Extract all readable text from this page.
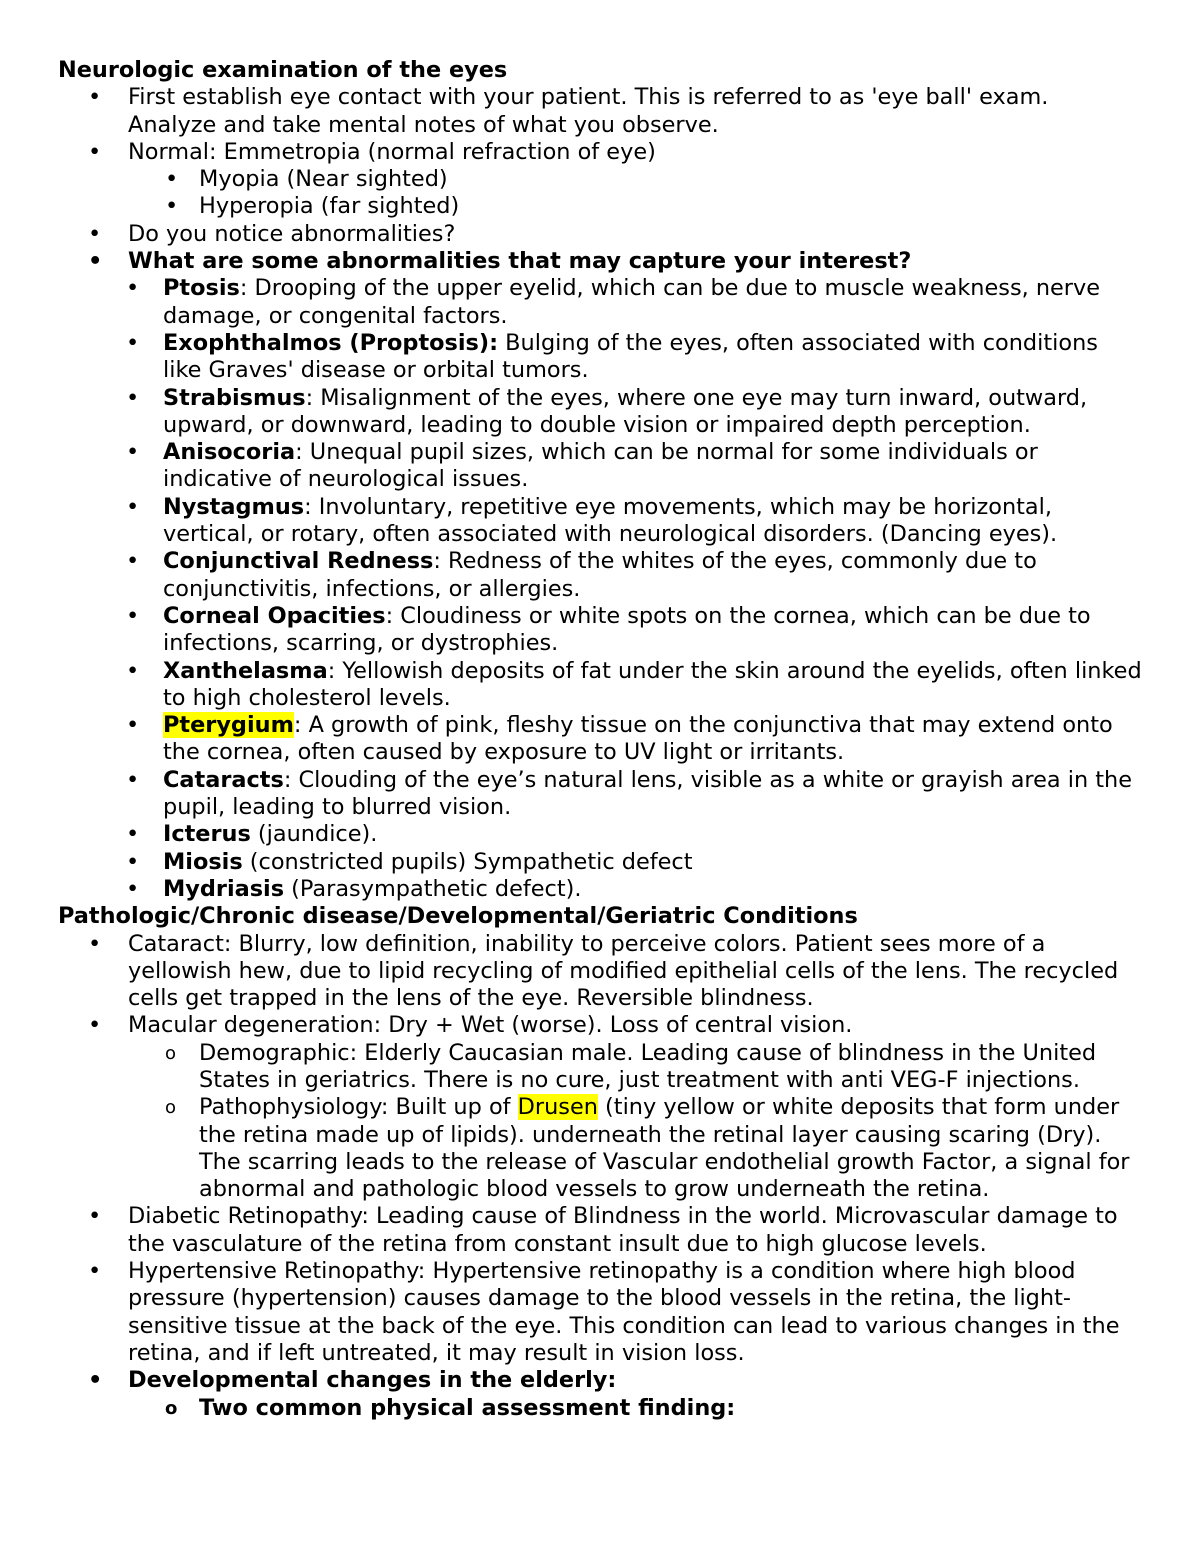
Neurologic examination of the eyes
• First establish eye contact with your patient. This is referred to as 'eye ball' exam. Analyze and take mental notes of what you observe.
• Normal: Emmetropia (normal refraction of eye)
• Myopia (Near sighted)
• Hyperopia (far sighted)
• Do you notice abnormalities?
• What are some abnormalities that may capture your interest?
• Ptosis: Drooping of the upper eyelid, which can be due to muscle weakness, nerve damage, or congenital factors.
• Exophthalmos (Proptosis): Bulging of the eyes, often associated with conditions like Graves' disease or orbital tumors.
• Strabismus: Misalignment of the eyes, where one eye may turn inward, outward, upward, or downward, leading to double vision or impaired depth perception.
• Anisocoria: Unequal pupil sizes, which can be normal for some individuals or indicative of neurological issues.
• Nystagmus: Involuntary, repetitive eye movements, which may be horizontal, vertical, or rotary, often associated with neurological disorders. (Dancing eyes).
• Conjunctival Redness: Redness of the whites of the eyes, commonly due to conjunctivitis, infections, or allergies.
• Corneal Opacities: Cloudiness or white spots on the cornea, which can be due to infections, scarring, or dystrophies.
• Xanthelasma: Yellowish deposits of fat under the skin around the eyelids, often linked to high cholesterol levels.
• Pterygium: A growth of pink, fleshy tissue on the conjunctiva that may extend onto the cornea, often caused by exposure to UV light or irritants.
• Cataracts: Clouding of the eye’s natural lens, visible as a white or grayish area in the pupil, leading to blurred vision.
• Icterus (jaundice).
• Miosis (constricted pupils) Sympathetic defect
• Mydriasis (Parasympathetic defect).
Pathologic/Chronic disease/Developmental/Geriatric Conditions
• Cataract: Blurry, low definition, inability to perceive colors. Patient sees more of a yellowish hew, due to lipid recycling of modified epithelial cells of the lens. The recycled cells get trapped in the lens of the eye. Reversible blindness.
• Macular degeneration: Dry + Wet (worse). Loss of central vision.
o Demographic: Elderly Caucasian male. Leading cause of blindness in the United States in geriatrics. There is no cure, just treatment with anti VEG-F injections.
o Pathophysiology: Built up of Drusen (tiny yellow or white deposits that form under the retina made up of lipids). underneath the retinal layer causing scaring (Dry). The scarring leads to the release of Vascular endothelial growth Factor, a signal for abnormal and pathologic blood vessels to grow underneath the retina.
• Diabetic Retinopathy: Leading cause of Blindness in the world. Microvascular damage to the vasculature of the retina from constant insult due to high glucose levels.
• Hypertensive Retinopathy: Hypertensive retinopathy is a condition where high blood pressure (hypertension) causes damage to the blood vessels in the retina, the light-sensitive tissue at the back of the eye. This condition can lead to various changes in the retina, and if left untreated, it may result in vision loss.
• Developmental changes in the elderly:
o Two common physical assessment finding:
